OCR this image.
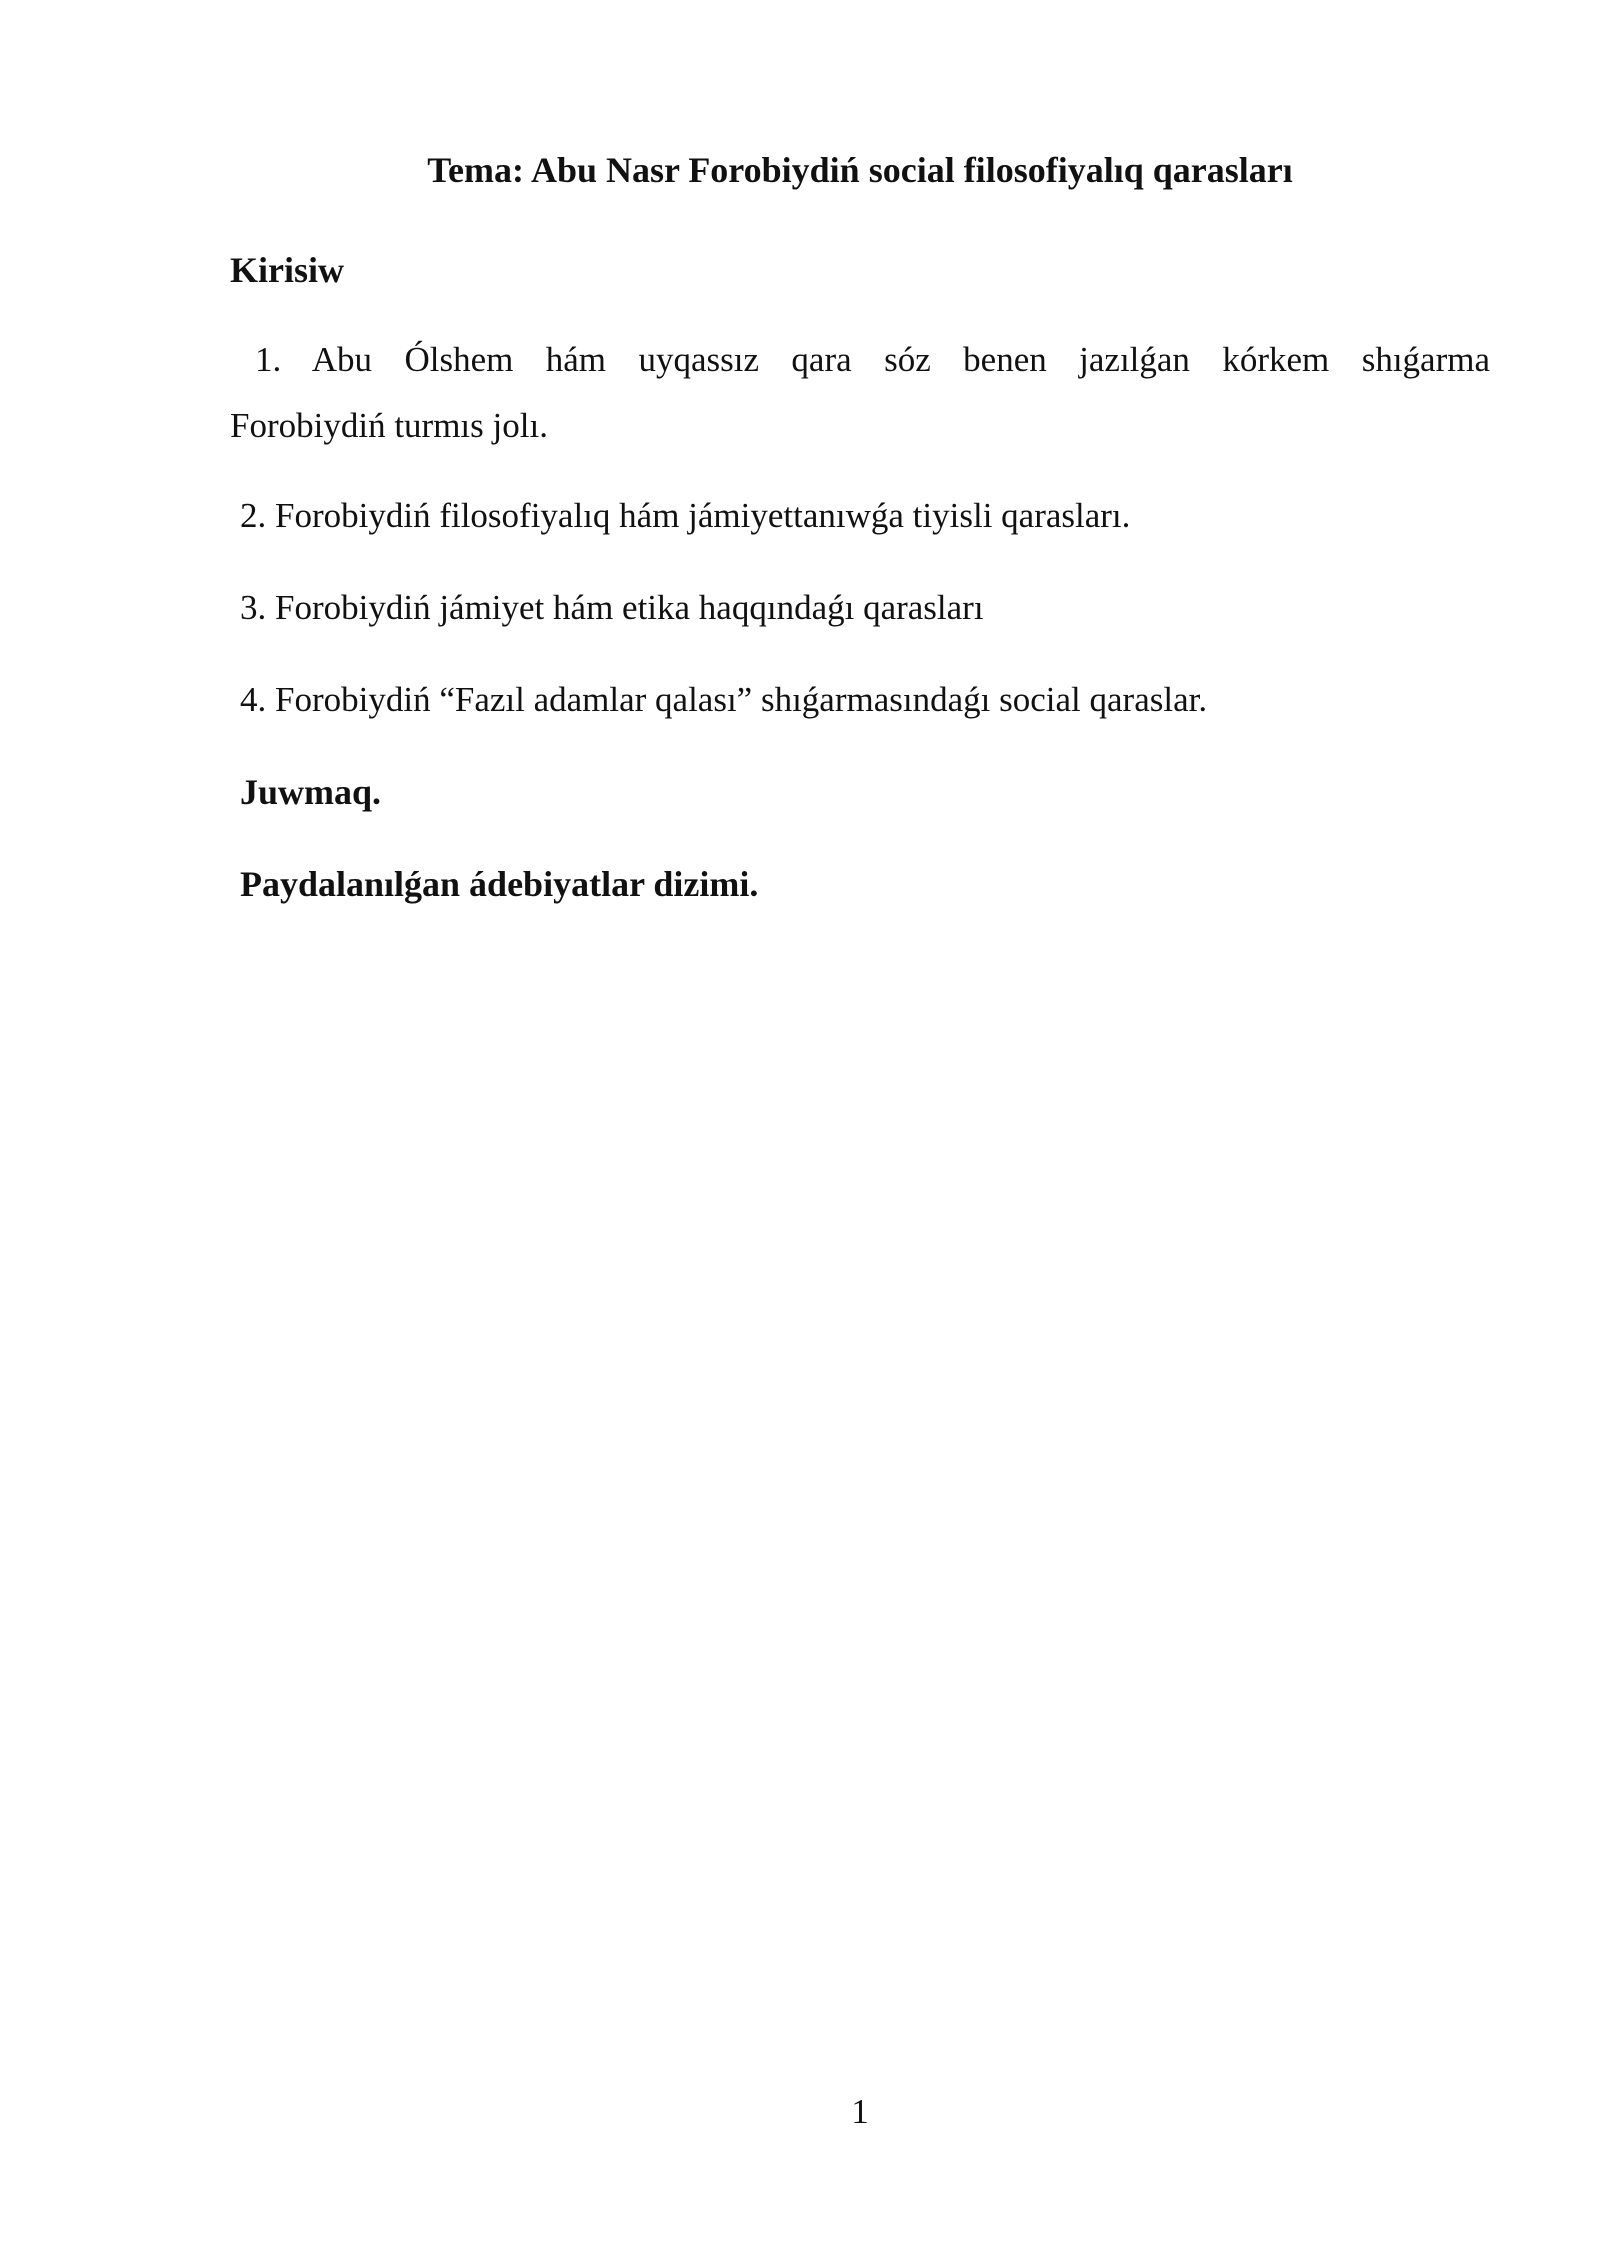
Tema: Abu Nasr Forobiydiń social filosofiyalıq qarasları

Kirisiw

1. Abu Ólshem hám uyqassız qara sóz benen jazılǵan kórkem shıǵarma

Forobiydiń turmıs jolı.

2. Forobiydiń filosofiyalıq hám jámiyettanıwǵa tiyisli qarasları.

3. Forobiydiń jámiyet hám etika haqqındaǵı qarasları

4. Forobiydiń “Fazıl adamlar qalası” shıǵarmasındaǵı social qaraslar.

Juwmaq.

Paydalanılǵan ádebiyatlar dizimi.

1
